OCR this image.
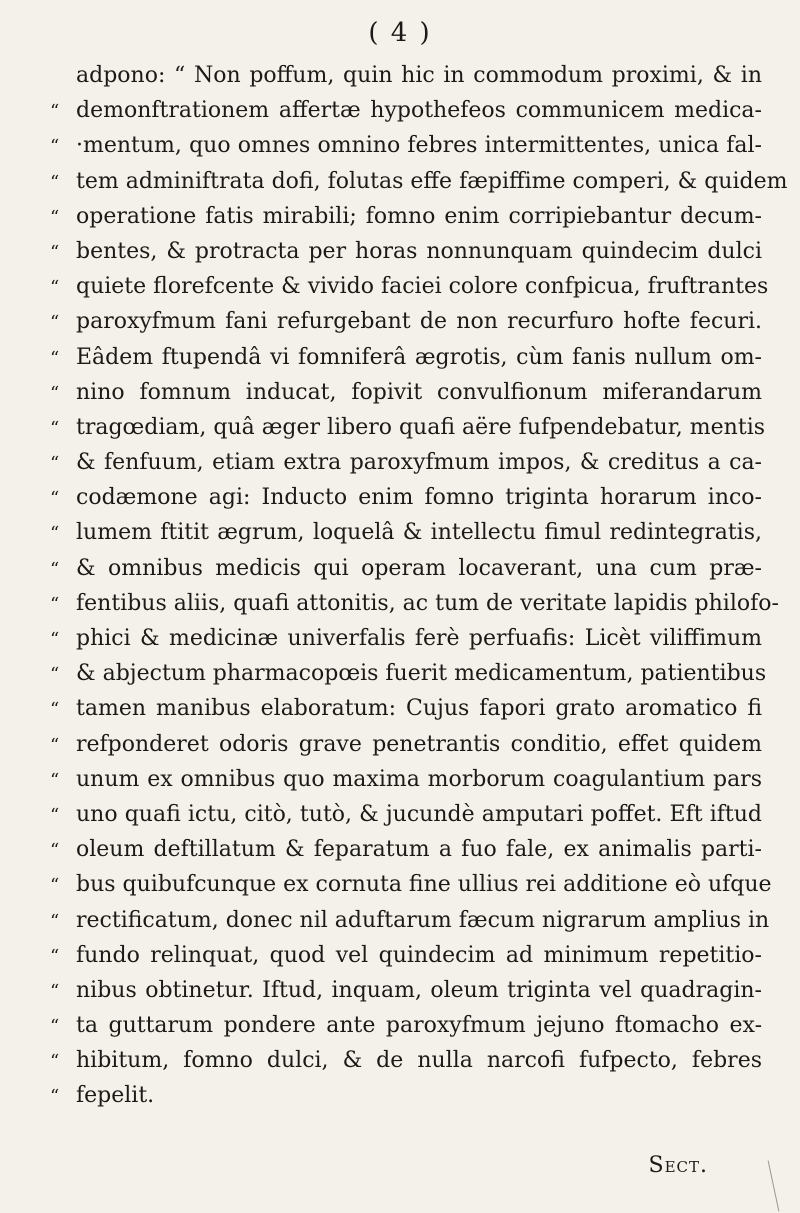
( 4 )
adpono: “ Non poffum, quin hic in commodum proximi, & in
“ demonftrationem affertæ hypothefeos communicem medica-
“ ·mentum, quo omnes omnino febres intermittentes, unica fal-
“ tem adminiftrata dofi, folutas effe fæpiffime comperi, & quidem
“ operatione fatis mirabili; fomno enim corripiebantur decum-
“ bentes, & protracta per horas nonnunquam quindecim dulci
“ quiete florefcente & vivido faciei colore confpicua, fruftrantes
“ paroxyfmum fani refurgebant de non recurfuro hofte fecuri.
“ Eâdem ftupendâ vi fomniferâ ægrotis, cùm fanis nullum om-
“ nino fomnum inducat, fopivit convulfionum miferandarum
“ tragœdiam, quâ æger libero quafi aëre fufpendebatur, mentis
“ & fenfuum, etiam extra paroxyfmum impos, & creditus a ca-
“ codæmone agi: Inducto enim fomno triginta horarum inco-
“ lumem ftitit ægrum, loquelâ & intellectu fimul redintegratis,
“ & omnibus medicis qui operam locaverant, una cum præ-
“ fentibus aliis, quafi attonitis, ac tum de veritate lapidis philofo-
“ phici & medicinæ univerfalis ferè perfuafis: Licèt viliffimum
“ & abjectum pharmacopœis fuerit medicamentum, patientibus
“ tamen manibus elaboratum: Cujus fapori grato aromatico fi
“ refponderet odoris grave penetrantis conditio, effet quidem
“ unum ex omnibus quo maxima morborum coagulantium pars
“ uno quafi ictu, citò, tutò, & jucundè amputari poffet. Eft iftud
“ oleum deftillatum & feparatum a fuo fale, ex animalis parti-
“ bus quibufcunque ex cornuta fine ullius rei additione eò ufque
“ rectificatum, donec nil aduftarum fæcum nigrarum amplius in
“ fundo relinquat, quod vel quindecim ad minimum repetitio-
“ nibus obtinetur. Iftud, inquam, oleum triginta vel quadragin-
“ ta guttarum pondere ante paroxyfmum jejuno ftomacho ex-
“ hibitum, fomno dulci, & de nulla narcofi fufpecto, febres
“ fepelit.
Sect.
